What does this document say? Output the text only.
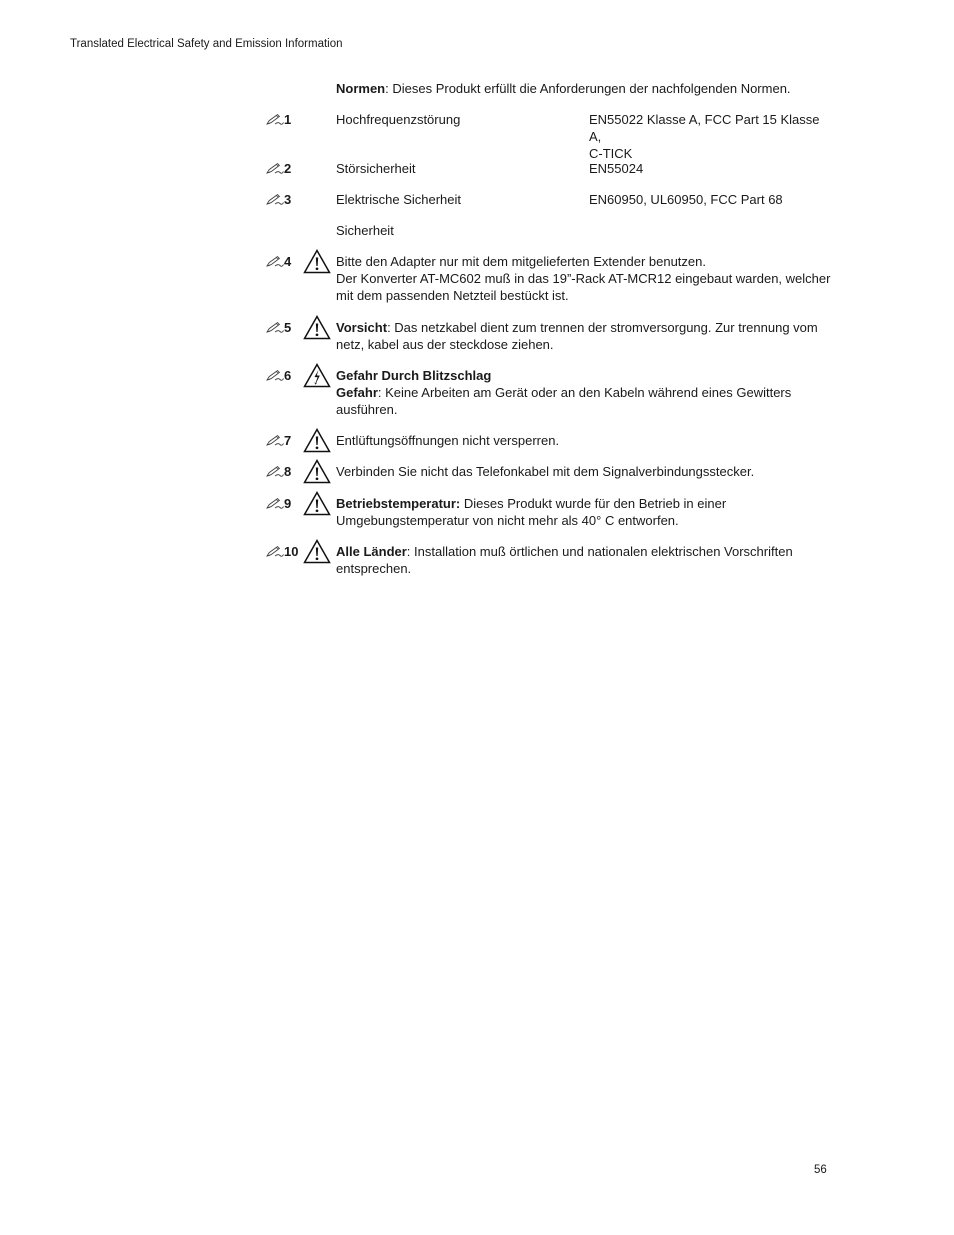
Translated Electrical Safety and Emission Information
Normen: Dieses Produkt erfüllt die Anforderungen der nachfolgenden Normen.
1	Hochfrequenzstörung	EN55022 Klasse A, FCC Part 15 Klasse A,
C-TICK
2	Störsicherheit	EN55024
3	Elektrische Sicherheit	EN60950, UL60950, FCC Part 68
Sicherheit
4	Bitte den Adapter nur mit dem mitgelieferten Extender benutzen.
Der Konverter AT-MC602 muß in das 19”-Rack AT-MCR12 eingebaut warden, welcher mit dem passenden Netzteil bestückt ist.
5	Vorsicht: Das netzkabel dient zum trennen der stromversorgung. Zur trennung vom netz, kabel aus der steckdose ziehen.
6	Gefahr Durch Blitzschlag
Gefahr: Keine Arbeiten am Gerät oder an den Kabeln während eines Gewitters ausführen.
7	Entlüftungsöffnungen nicht versperren.
8	Verbinden Sie nicht das Telefonkabel mit dem Signalverbindungsstecker.
9	Betriebstemperatur: Dieses Produkt wurde für den Betrieb in einer Umgebungstemperatur von nicht mehr als 40° C entworfen.
10	Alle Länder: Installation muß örtlichen und nationalen elektrischen Vorschriften entsprechen.
56
